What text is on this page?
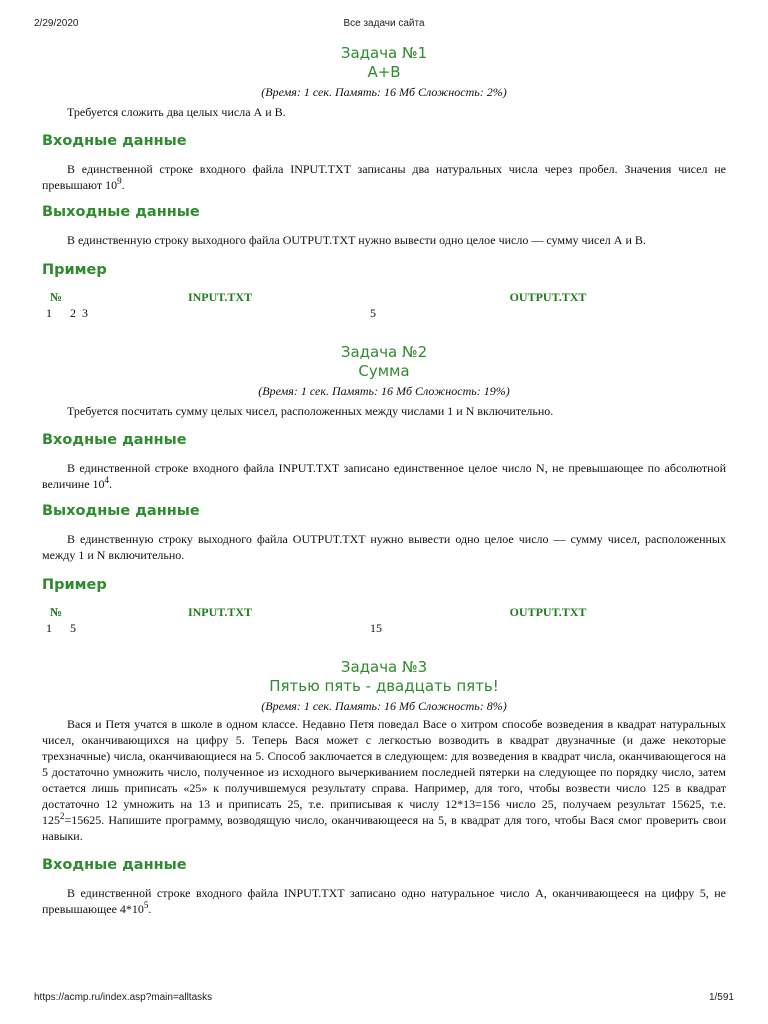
2/29/2020	Все задачи сайта
Задача №1
A+B
(Время: 1 сек. Память: 16 Мб Сложность: 2%)

Требуется сложить два целых числа А и В.

Входные данные

В единственной строке входного файла INPUT.TXT записаны два натуральных числа через пробел. Значения чисел не превышают $10^9$.

Выходные данные

В единственную строку выходного файла OUTPUT.TXT нужно вывести одно целое число — сумму чисел А и В.

Пример
№	INPUT.TXT	OUTPUT.TXT
1	2  3	5
Задача №2
Сумма
(Время: 1 сек. Память: 16 Мб Сложность: 19%)

Требуется посчитать сумму целых чисел, расположенных между числами 1 и N включительно.

Входные данные

В единственной строке входного файла INPUT.TXT записано единственное целое число N, не превышающее по абсолютной величине $10^4$.

Выходные данные

В единственную строку выходного файла OUTPUT.TXT нужно вывести одно целое число — сумму чисел, расположенных между 1 и N включительно.

Пример
№	INPUT.TXT	OUTPUT.TXT
1	5	15
Задача №3
Пятью пять - двадцать пять!
(Время: 1 сек. Память: 16 Мб Сложность: 8%)

Вася и Петя учатся в школе в одном классе. Недавно Петя поведал Васе о хитром способе возведения в квадрат натуральных чисел, оканчивающихся на цифру 5. Теперь Вася может с легкостью возводить в квадрат двузначные (и даже некоторые трехзначные) числа, оканчивающиеся на 5. Способ заключается в следующем: для возведения в квадрат числа, оканчивающегося на 5 достаточно умножить число, полученное из исходного вычеркиванием последней пятерки на следующее по порядку число, затем остается лишь приписать «25» к получившемуся результату справа. Например, для того, чтобы возвести число 125 в квадрат достаточно 12 умножить на 13 и приписать 25, т.е. приписывая к числу 12*13=156 число 25, получаем результат 15625, т.е. $125^2=15625$. Напишите программу, возводящую число, оканчивающееся на 5, в квадрат для того, чтобы Вася смог проверить свои навыки.

Входные данные

В единственной строке входного файла INPUT.TXT записано одно натуральное число А, оканчивающееся на цифру 5, не превышающее $4*10^5$.

https://acmp.ru/index.asp?main=alltasks	1/591
